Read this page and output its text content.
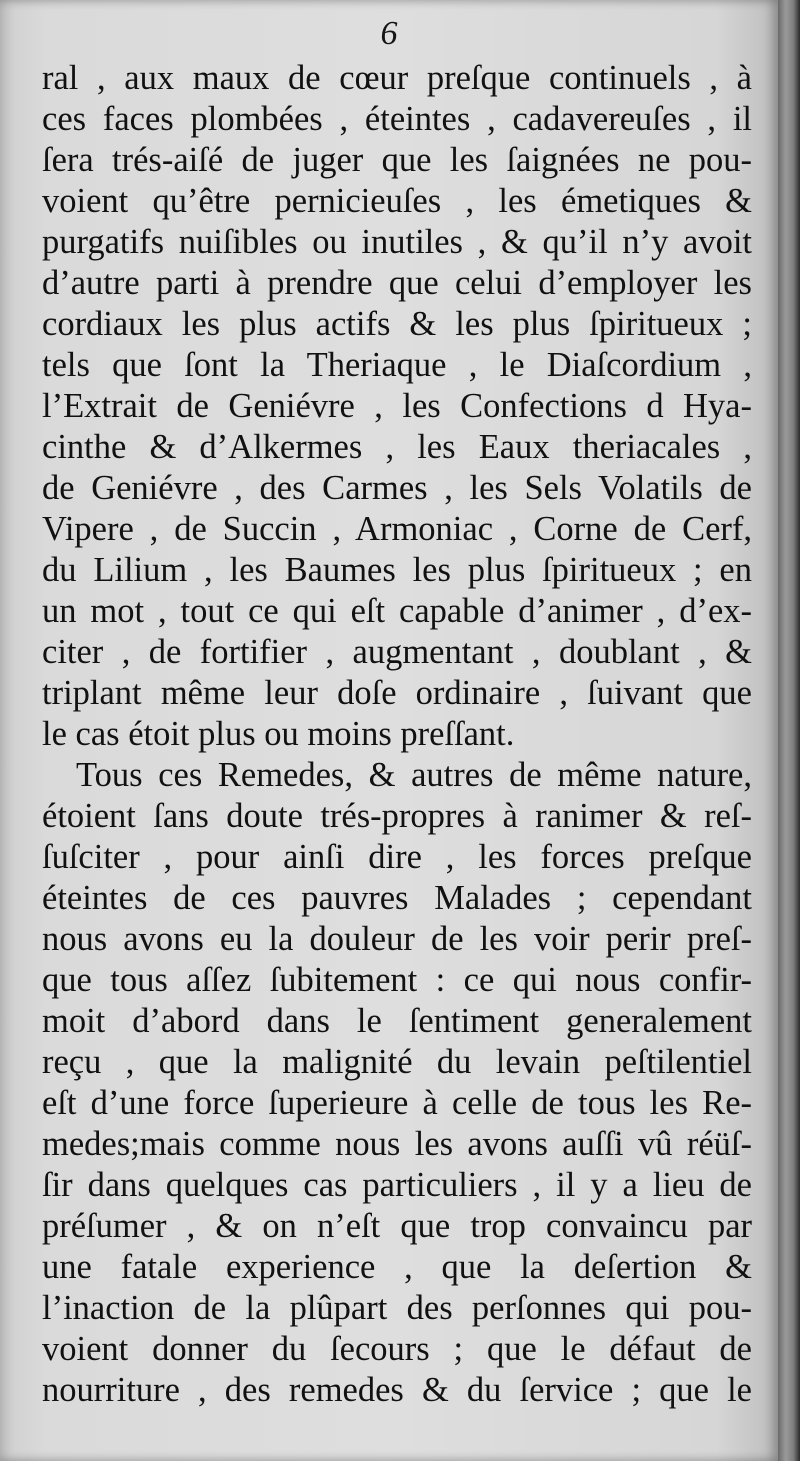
6
ral , aux maux de cœur preſque continuels , à
ces faces plombées , éteintes , cadavereuſes , il
ſera trés-aiſé de juger que les ſaignées ne pou-
voient qu’être pernicieuſes , les émetiques &
purgatifs nuiſibles ou inutiles , & qu’il n’y avoit
d’autre parti à prendre que celui d’employer les
cordiaux les plus actifs & les plus ſpiritueux ;
tels que ſont la Theriaque , le Diaſcordium ,
l’Extrait de Geniévre , les Confections d Hya-
cinthe & d’Alkermes , les Eaux theriacales ,
de Geniévre , des Carmes , les Sels Volatils de
Vipere , de Succin , Armoniac , Corne de Cerf,
du Lilium , les Baumes les plus ſpiritueux ; en
un mot , tout ce qui eſt capable d’animer , d’ex-
citer , de fortifier , augmentant , doublant , &
triplant même leur doſe ordinaire , ſuivant que
le cas étoit plus ou moins preſſant.
Tous ces Remedes, & autres de même nature,
étoient ſans doute trés-propres à ranimer & reſ-
ſuſciter , pour ainſi dire , les forces preſque
éteintes de ces pauvres Malades ; cependant
nous avons eu la douleur de les voir perir preſ-
que tous aſſez ſubitement : ce qui nous confir-
moit d’abord dans le ſentiment generalement
reçu , que la malignité du levain peſtilentiel
eſt d’une force ſuperieure à celle de tous les Re-
medes;mais comme nous les avons auſſi vû réüſ-
ſir dans quelques cas particuliers , il y a lieu de
préſumer , & on n’eſt que trop convaincu par
une fatale experience , que la deſertion &
l’inaction de la plûpart des perſonnes qui pou-
voient donner du ſecours ; que le défaut de
nourriture , des remedes & du ſervice ; que le
